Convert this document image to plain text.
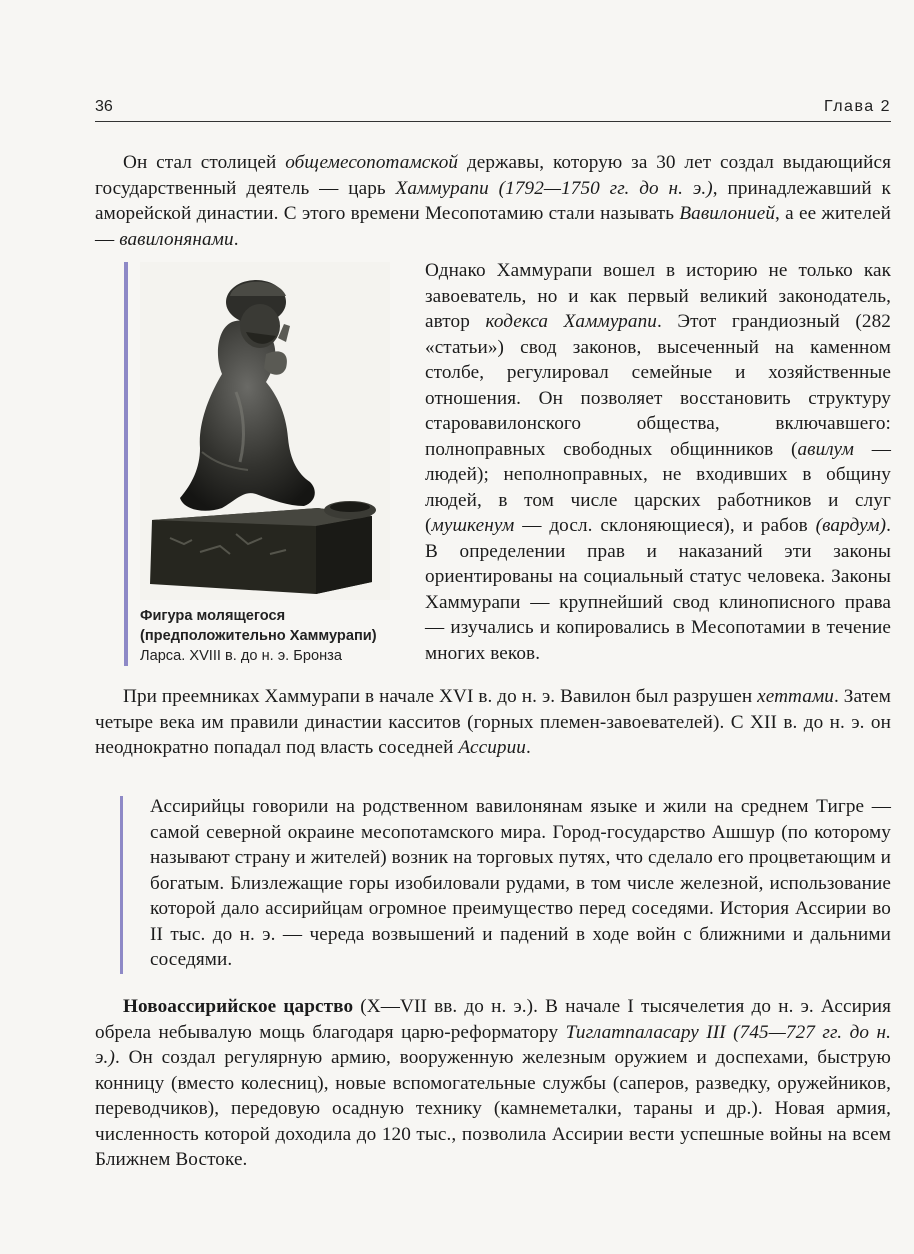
36	Глава 2
Он стал столицей общемесопотамской державы, которую за 30 лет создал выдающийся государственный деятель — царь Хаммурапи (1792—1750 гг. до н. э.), принадлежавший к аморейской династии. С этого времени Месопотамию стали называть Вавилонией, а ее жителей — вавилонянами.
Фигура молящегося (предположительно Хаммурапи)
Ларса. XVIII в. до н. э. Бронза
Однако Хаммурапи вошел в историю не только как завоеватель, но и как первый великий законодатель, автор кодекса Хаммурапи. Этот грандиозный (282 «статьи») свод законов, высеченный на каменном столбе, регулировал семейные и хозяйственные отношения. Он позволяет восстановить структуру старовавилонского общества, включавшего: полноправных свободных общинников (авилум — людей); неполноправных, не входивших в общину людей, в том числе царских работников и слуг (мушкенум — досл. склоняющиеся), и рабов (вардум). В определении прав и наказаний эти законы ориентированы на социальный статус человека. Законы Хаммурапи — крупнейший свод клинописного права — изучались и копировались в Месопотамии в течение многих веков.
При преемниках Хаммурапи в начале XVI в. до н. э. Вавилон был разрушен хеттами. Затем четыре века им правили династии касситов (горных племен-завоевателей). С XII в. до н. э. он неоднократно попадал под власть соседней Ассирии.

Ассирийцы говорили на родственном вавилонянам языке и жили на среднем Тигре — самой северной окраине месопотамского мира. Город-государство Ашшур (по которому называют страну и жителей) возник на торговых путях, что сделало его процветающим и богатым. Близлежащие горы изобиловали рудами, в том числе железной, использование которой дало ассирийцам огромное преимущество перед соседями. История Ассирии во II тыс. до н. э. — череда возвышений и падений в ходе войн с ближними и дальними соседями.

Новоассирийское царство (X—VII вв. до н. э.). В начале I тысячелетия до н. э. Ассирия обрела небывалую мощь благодаря царю-реформатору Тиглатпаласару III (745—727 гг. до н. э.). Он создал регулярную армию, вооруженную железным оружием и доспехами, быструю конницу (вместо колесниц), новые вспомогательные службы (саперов, разведку, оружейников, переводчиков), передовую осадную технику (камнеметалки, тараны и др.). Новая армия, численность которой доходила до 120 тыс., позволила Ассирии вести успешные войны на всем Ближнем Востоке.
